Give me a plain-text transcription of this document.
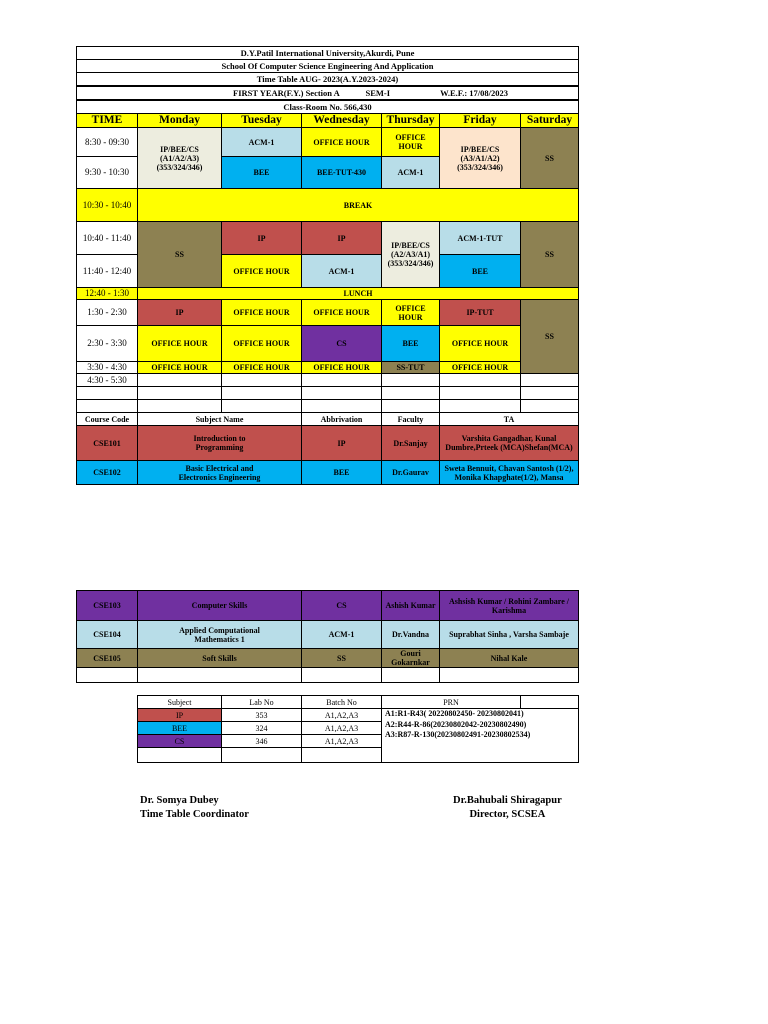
D.Y.Patil International University,Akurdi, Pune						
School Of Computer Science Engineering And Application						
Time Table AUG- 2023(A.Y.2023-2024)						
FIRST YEAR(F.Y.) Section A SEM-I W.E.F.: 17/08/2023						
Class-Room No. 566,430						
TIME	Monday	Tuesday	Wednesday	Thursday	Friday	Saturday
8:30 - 09:30	IP/BEE/CS (A1/A2/A3) (353/324/346)	ACM-1	OFFICE HOUR	OFFICE HOUR	IP/BEE/CS (A3/A1/A2) (353/324/346)	SS
9:30 - 10:30		BEE	BEE-TUT-430	ACM-1		
10:30 - 10:40	BREAK					
10:40 - 11:40	SS	IP	IP	IP/BEE/CS (A2/A3/A1) (353/324/346)	ACM-1-TUT	SS
11:40 - 12:40		OFFICE HOUR	ACM-1		BEE	
12:40 - 1:30	LUNCH					
1:30 - 2:30	IP	OFFICE HOUR	OFFICE HOUR	OFFICE HOUR	IP-TUT	SS
2:30 - 3:30	OFFICE HOUR	OFFICE HOUR	CS	BEE	OFFICE HOUR	
3:30 - 4:30	OFFICE HOUR	OFFICE HOUR	OFFICE HOUR	SS-TUT	OFFICE HOUR	
4:30 - 5:30						

Course Code	Subject Name		Abbrivation	Faculty	TA	
CSE101	Introduction to Programming		IP	Dr.Sanjay	Varshita Gangadhar, Kunal Dumbre,Prteek (MCA)Shefan(MCA)	
CSE102	Basic Electrical and Electronics Engineering		BEE	Dr.Gaurav	Sweta Bennuit, Chavan Santosh (1/2), Monika Khapghate(1/2), Mansa	
CSE103	Computer Skills	CS	Ashish Kumar	Ashsish Kumar / Rohini Zambare / Karishma
CSE104	Applied Computational Mathematics 1	ACM-1	Dr.Vandna	Suprabhat Sinha , Varsha Sambaje
CSE105	Soft Skills	SS	Gouri Gokarnkar	Nihal Kale

Subject	Lab No	Batch No	PRN	
IP	353	A1,A2,A3	A1:R1-R43( 20220802450- 20230802041)
A2:R44-R-86(20230802042-20230802490)
A3:R87-R-130(20230802491-20230802534)	

BEE	324	A1,A2,A3		
CS	346	A1,A2,A3		

Dr. Somya Dubey
Time Table Coordinator
Dr.Bahubali Shiragapur
Director, SCSEA
